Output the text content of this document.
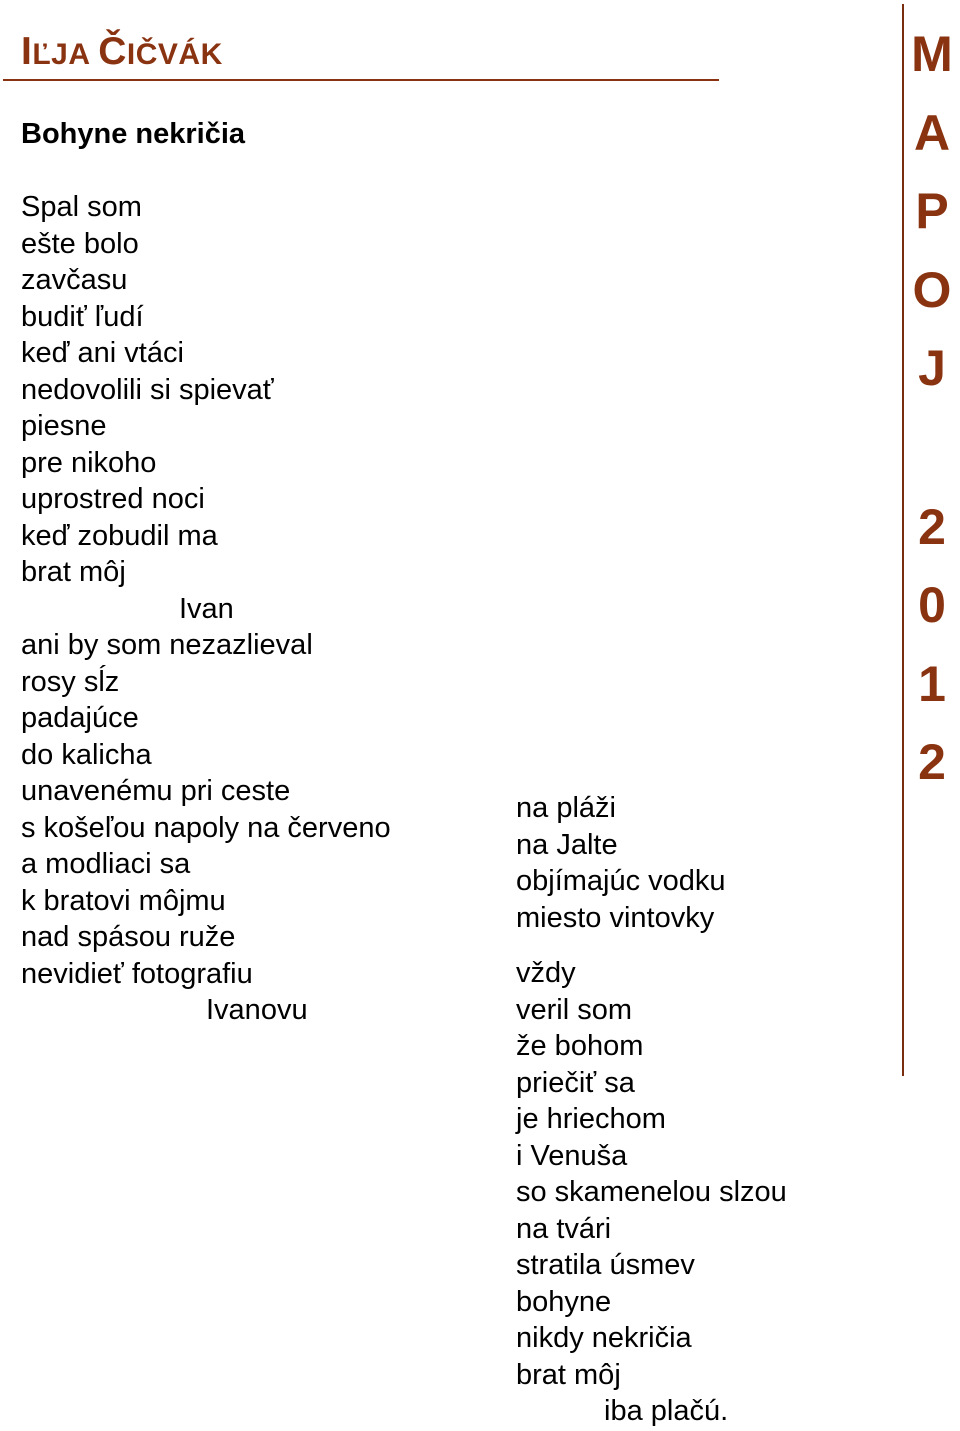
IĽJA ČIČVÁK
Bohyne nekričia
Spal som
ešte bolo
zavčasu
budiť ľudí
keď ani vtáci
nedovolili si spievať
piesne
pre nikoho
uprostred noci
keď zobudil ma
brat môj
Ivan
ani by som nezazlieval
rosy sĺz
padajúce
do kalicha
unavenému pri ceste
s košeľou napoly na červeno
a modliaci sa
k bratovi môjmu
nad spásou ruže
nevidieť fotografiu
Ivanovu
na pláži
na Jalte
objímajúc vodku
miesto vintovky
vždy
veril som
že bohom
priečiť sa
je hriechom
i Venuša
so skamenelou slzou
na tvári
stratila úsmev
bohyne
nikdy nekričia
brat môj
iba plačú.
M
A
P
O
J
2
0
1
2
